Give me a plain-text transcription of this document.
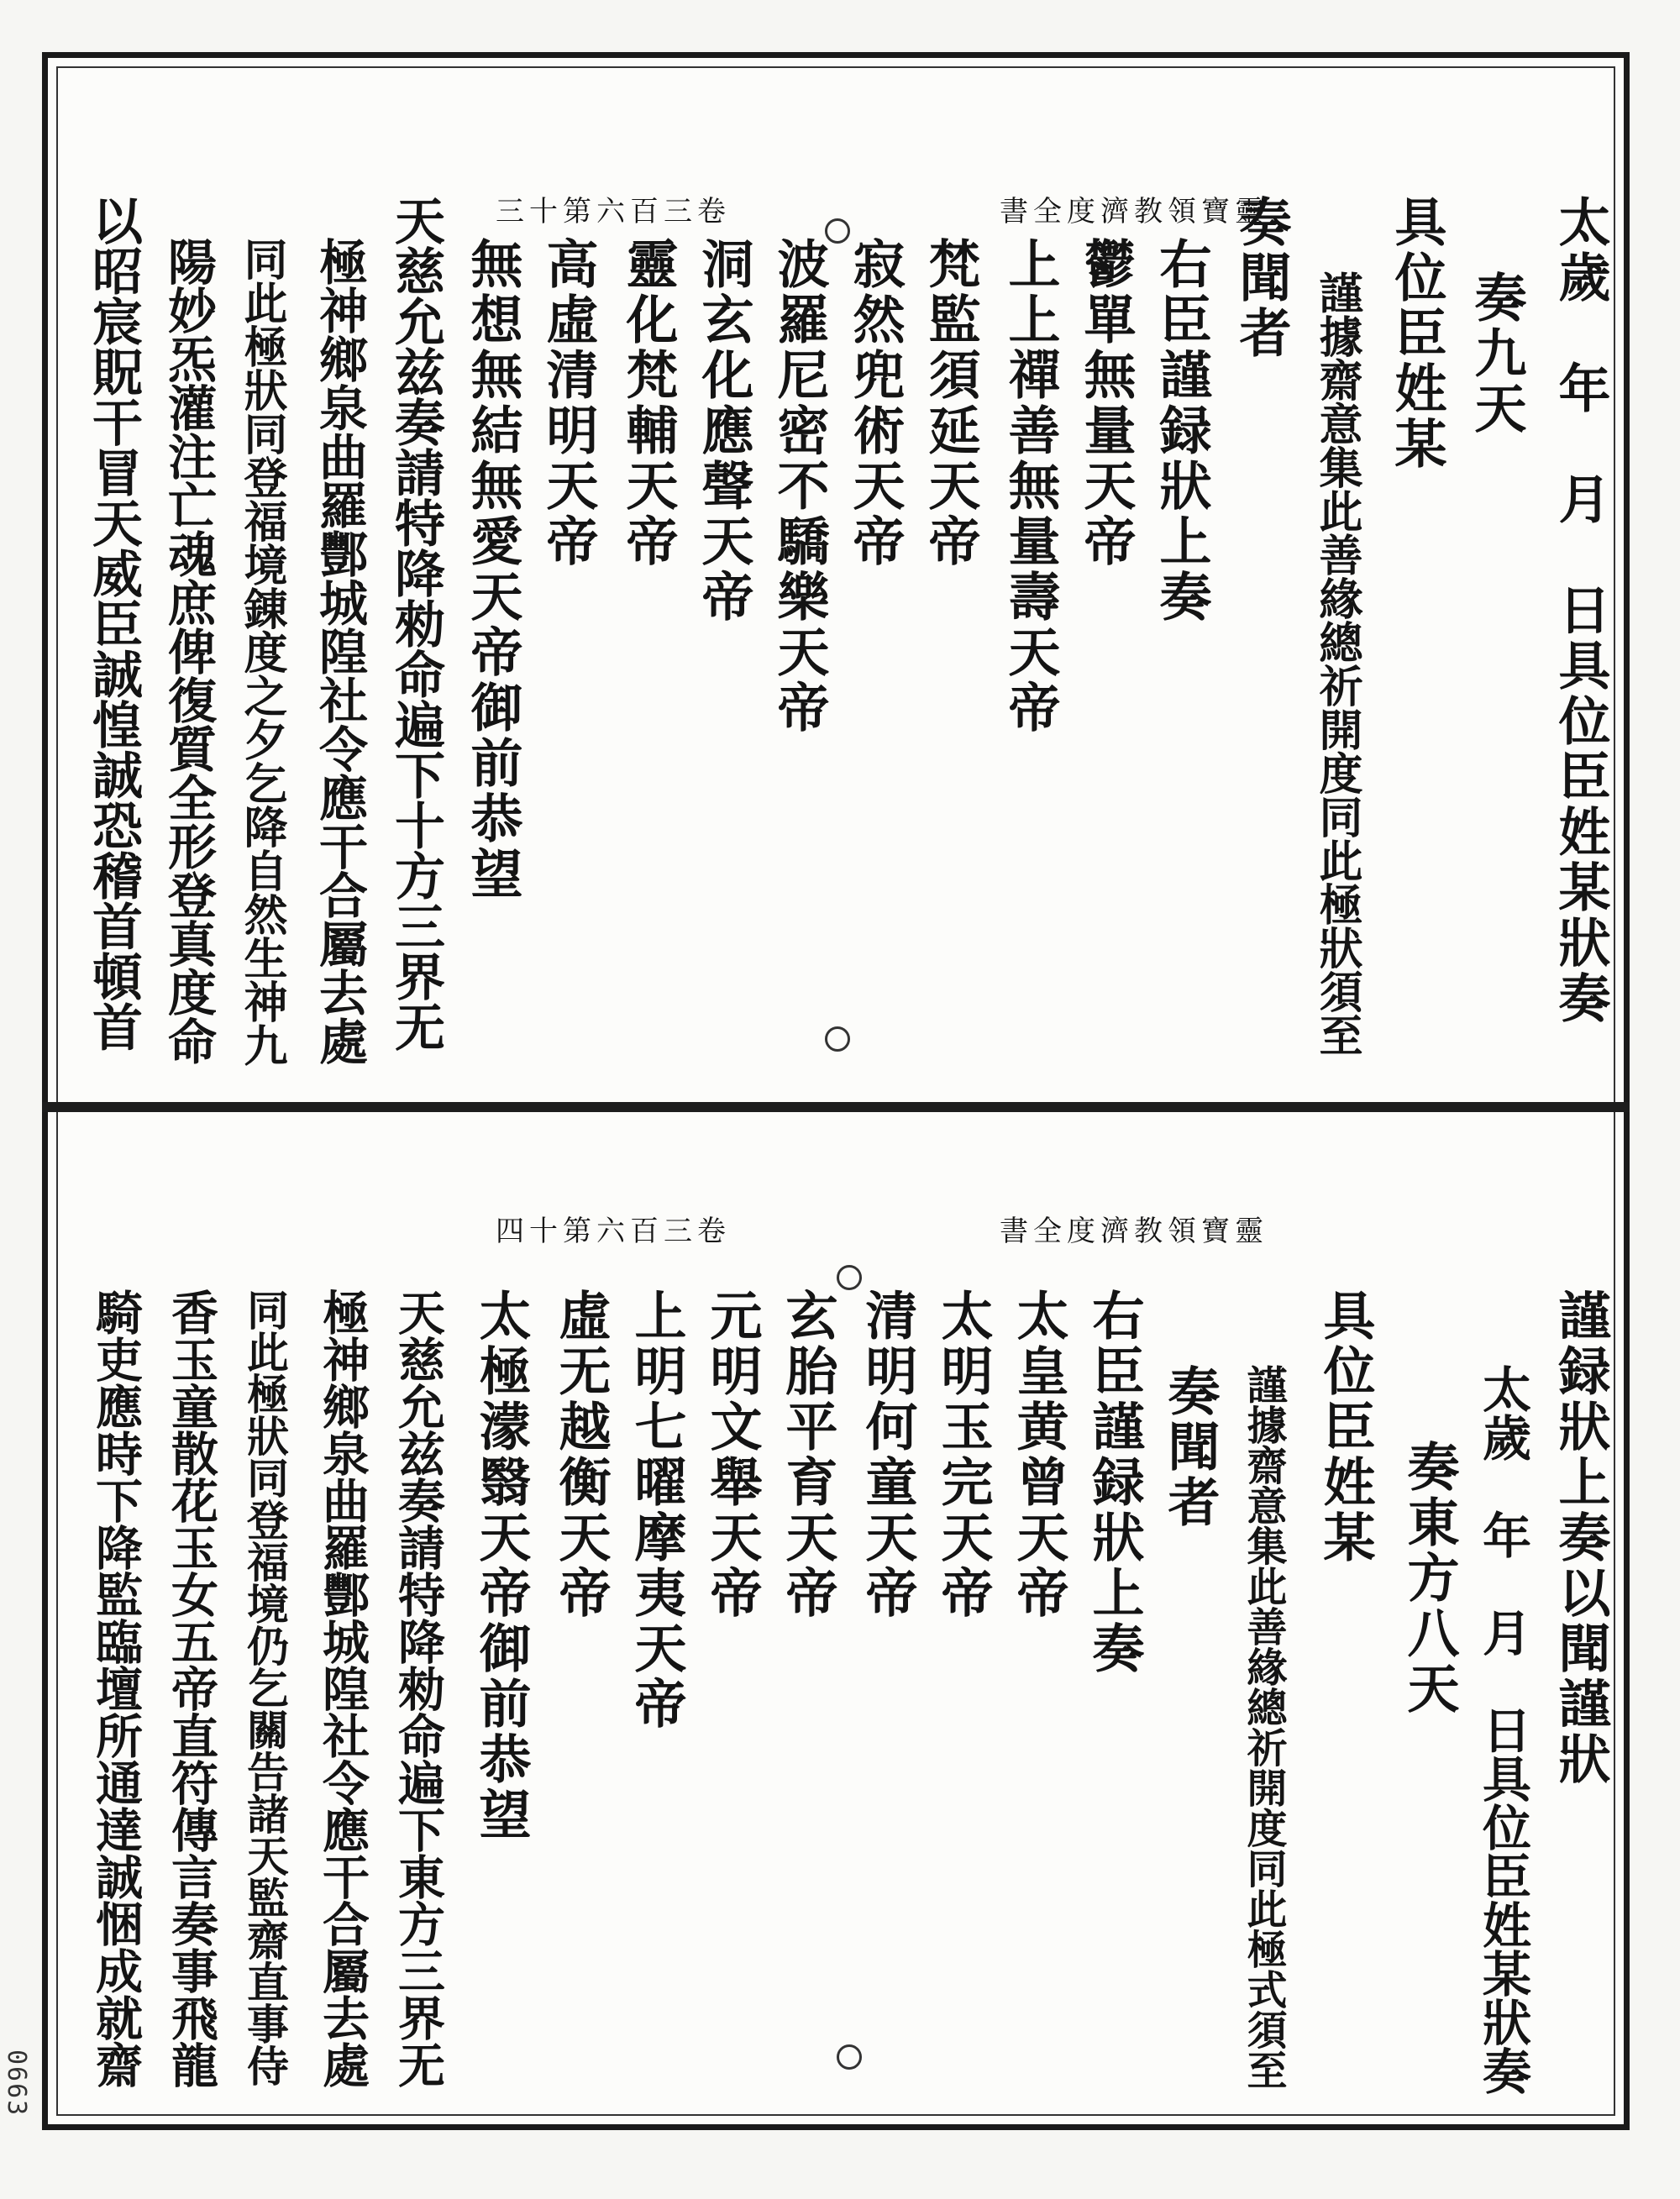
三十第六百三卷	書全度濟教領寶靈	太歲　年　月　日具位臣姓某狀奏
奏九天
具位臣姓某
謹據齋意集此善緣總祈開度同此極狀須至
奏聞者
右臣謹録狀上奏
鬱單無量天帝
上上禪善無量壽天帝
梵監須延天帝
寂然兜術天帝
波羅尼密不驕樂天帝
洞玄化應聲天帝
靈化梵輔天帝
高虛清明天帝
無想無結無愛天帝御前恭望
天慈允兹奏請特降勑命遍下十方三界无
極神鄉泉曲羅酆城隍社令應干合屬去處
同此極狀同登福境錬度之夕乞降自然生神九
陽妙炁灌注亡魂庶俾復質全形登真度命
以昭宸貺干冒天威臣誠惶誠恐稽首頓首
四十第六百三卷	書全度濟教領寶靈
謹録狀上奏以聞謹狀
太歲　年　月　日具位臣姓某狀奏
奏東方八天
具位臣姓某
謹據齋意集此善緣總祈開度同此極式須至
奏聞者
右臣謹録狀上奏
太皇黄曾天帝
太明玉完天帝
清明何童天帝
玄胎平育天帝
元明文舉天帝
上明七曜摩夷天帝
虛无越衡天帝
太極濛翳天帝御前恭望
天慈允兹奏請特降勑命遍下東方三界无
極神鄉泉曲羅酆城隍社令應干合屬去處
同此極狀同登福境仍乞關告諸天監齋直事侍
香玉童散花玉女五帝直符傳言奏事飛龍
騎吏應時下降監臨壇所通達誠悃成就齋
0663
